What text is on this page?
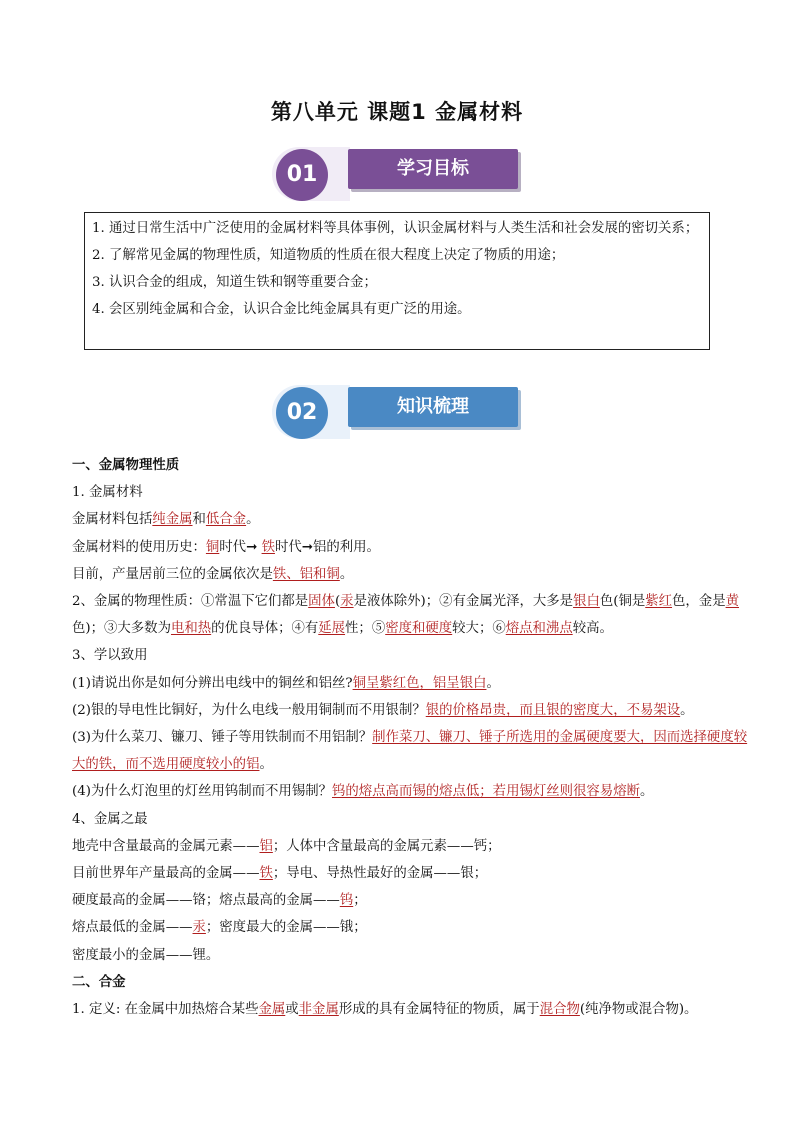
第八单元 课题1 金属材料
01	学习目标
1. 通过日常生活中广泛使用的金属材料等具体事例，认识金属材料与人类生活和社会发展的密切关系；
2. 了解常见金属的物理性质，知道物质的性质在很大程度上决定了物质的用途；
3. 认识合金的组成，知道生铁和钢等重要合金；
4. 会区别纯金属和合金，认识合金比纯金属具有更广泛的用途。
02	知识梳理

一、金属物理性质

1. 金属材料

金属材料包括纯金属和低合金。

金属材料的使用历史：铜时代➞ 铁时代➞铝的利用。

目前，产量居前三位的金属依次是铁、铝和铜。

2、金属的物理性质：①常温下它们都是固体(汞是液体除外)；②有金属光泽，大多是银白色(铜是紫红色，金是黄色)；③大多数为电和热的优良导体；④有延展性；⑤密度和硬度较大；⑥熔点和沸点较高。

3、学以致用

(1)请说出你是如何分辨出电线中的铜丝和铝丝?铜呈紫红色，铝呈银白。

(2)银的导电性比铜好，为什么电线一般用铜制而不用银制？银的价格昂贵，而且银的密度大，不易架设。

(3)为什么菜刀、镰刀、锤子等用铁制而不用铝制？制作菜刀、镰刀、锤子所选用的金属硬度要大，因而选择硬度较大的铁，而不选用硬度较小的铝。

(4)为什么灯泡里的灯丝用钨制而不用锡制？钨的熔点高而锡的熔点低；若用锡灯丝则很容易熔断。

4、金属之最

地壳中含量最高的金属元素——铝；人体中含量最高的金属元素——钙；

目前世界年产量最高的金属——铁；导电、导热性最好的金属——银；

硬度最高的金属——铬；熔点最高的金属——钨；

熔点最低的金属——汞；密度最大的金属——锇；

密度最小的金属——锂。

二、合金

1. 定义: 在金属中加热熔合某些金属或非金属形成的具有金属特征的物质，属于混合物(纯净物或混合物)。
